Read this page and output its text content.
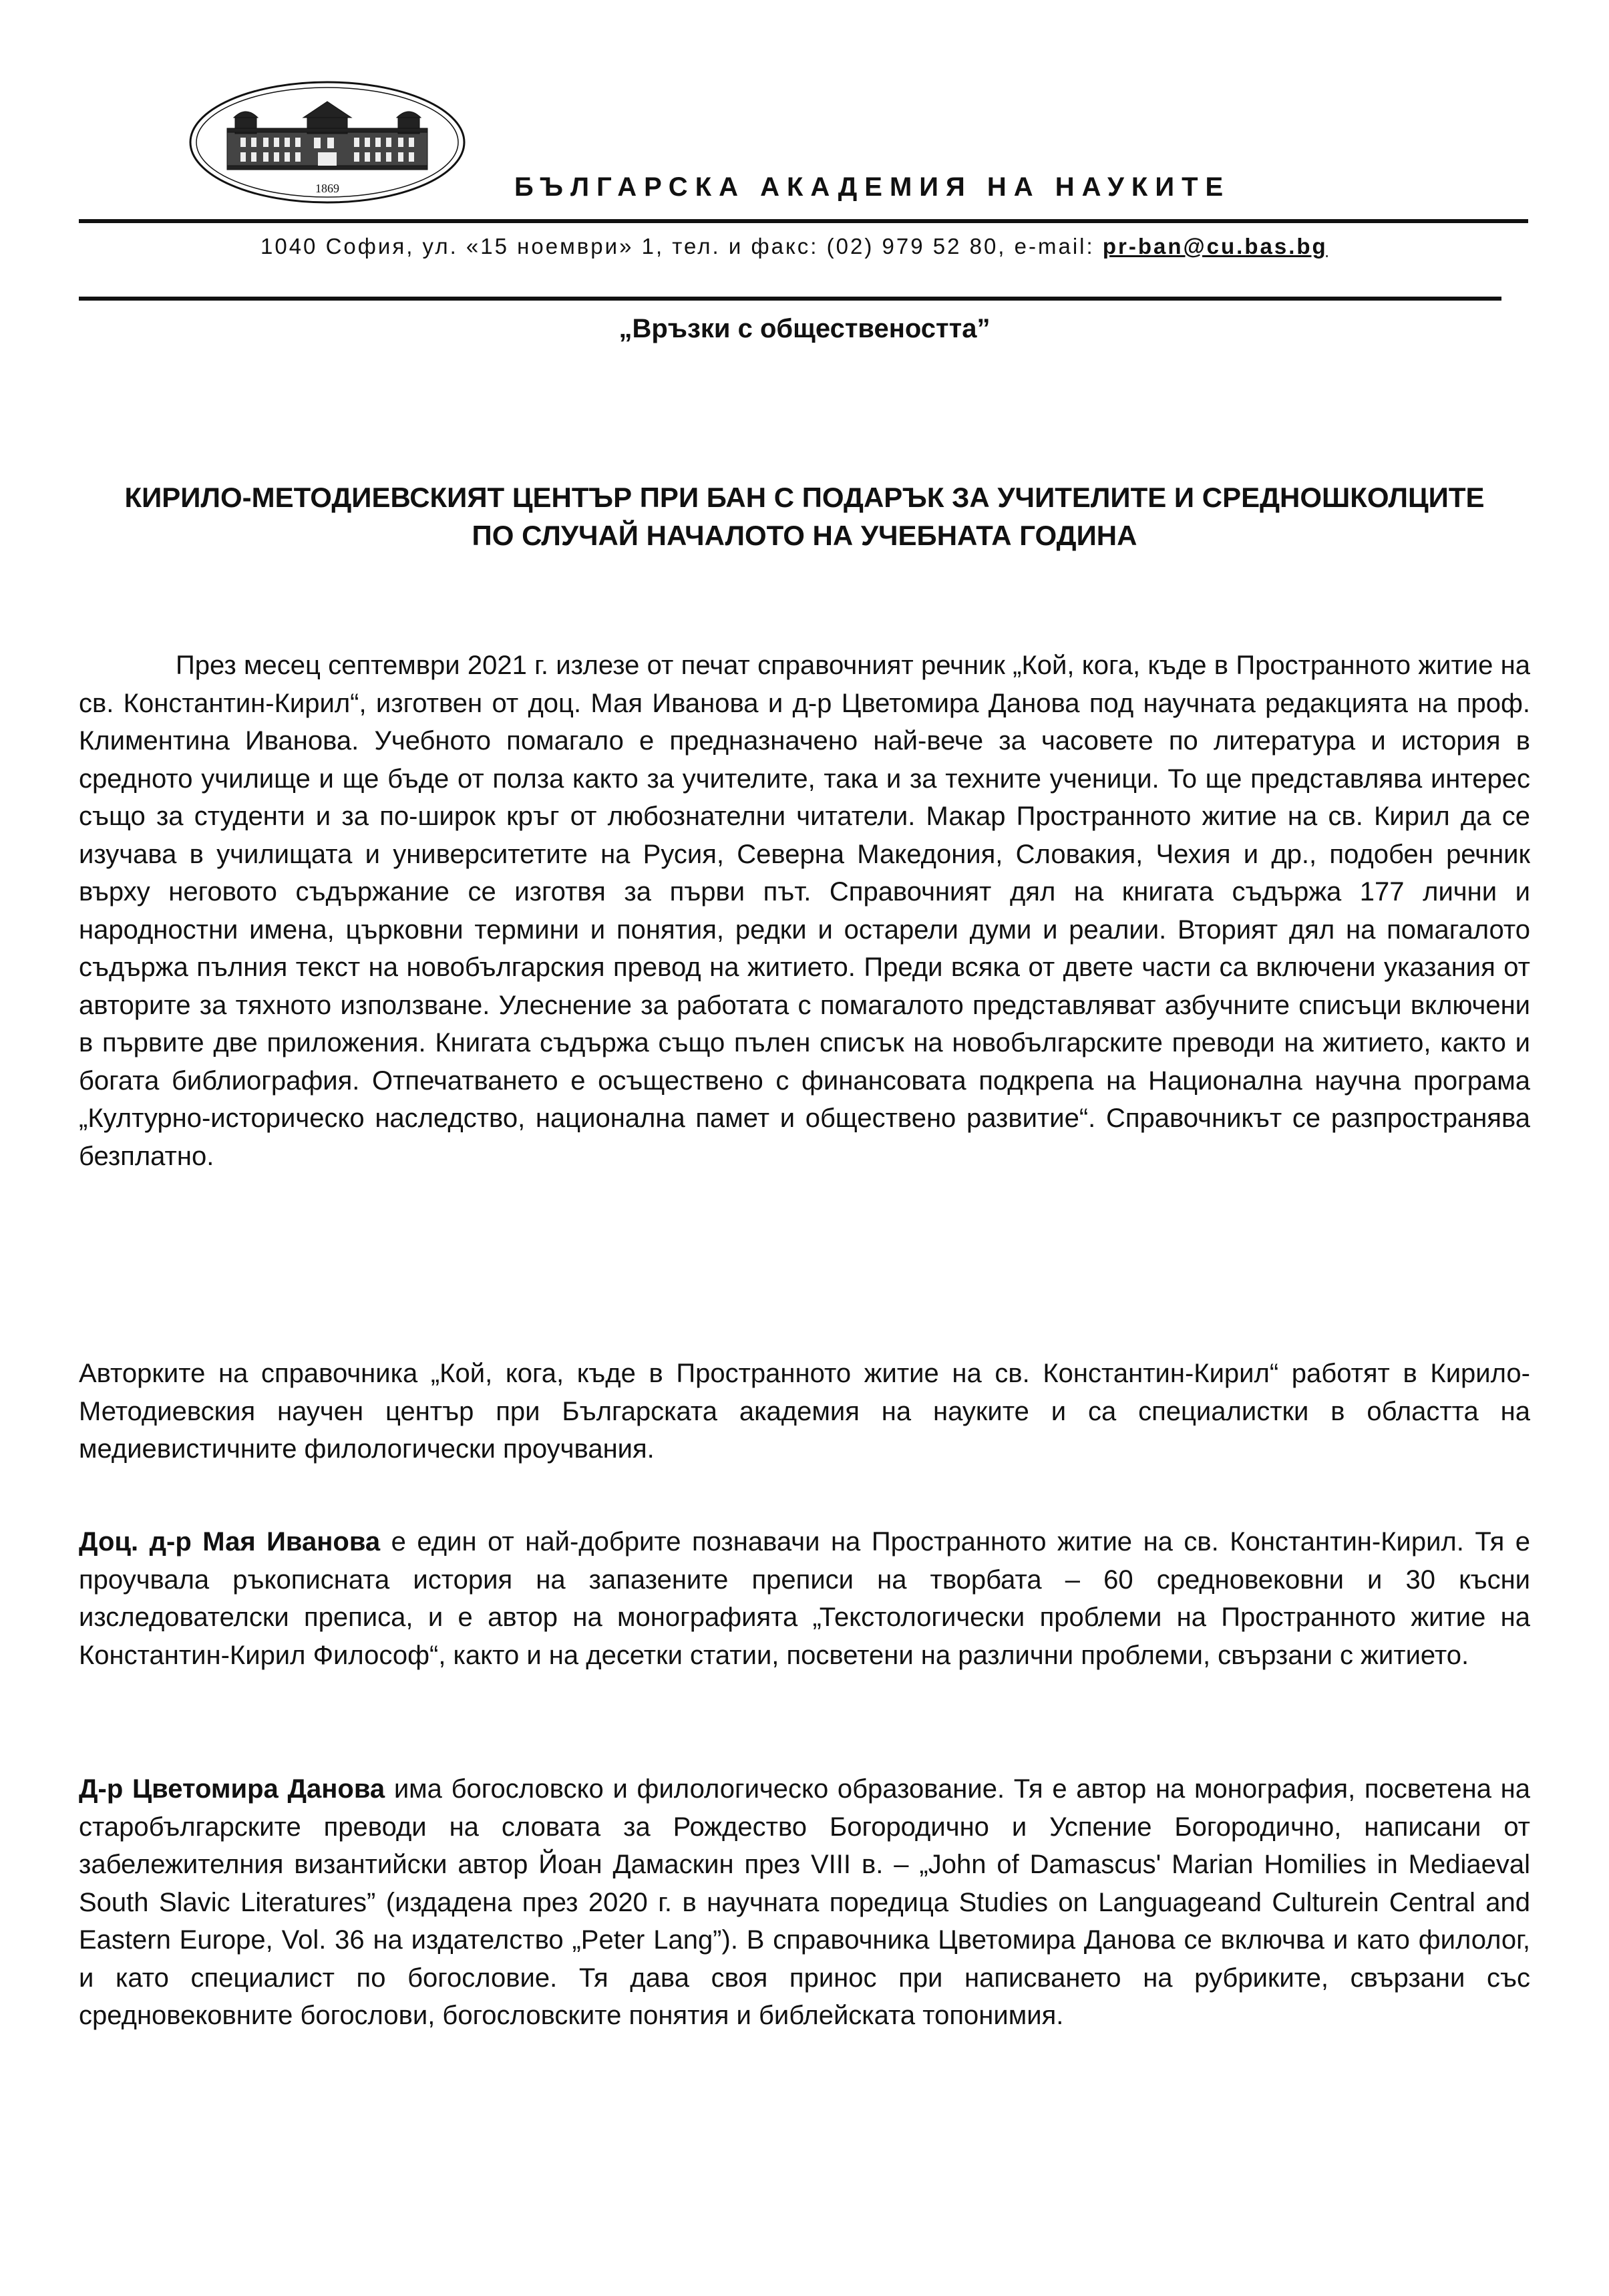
1869	БЪЛГАРСКА АКАДЕМИЯ НА НАУКИТЕ
1040 София, ул. «15 ноември» 1, тел. и факс: (02) 979 52 80, e-mail: pr-ban@cu.bas.bg
„Връзки с обществеността”
КИРИЛО-МЕТОДИЕВСКИЯТ ЦЕНТЪР ПРИ БАН С ПОДАРЪК ЗА УЧИТЕЛИТЕ И СРЕДНОШКОЛЦИТЕ
ПО СЛУЧАЙ НАЧАЛОТО НА УЧЕБНАТА ГОДИНА
През месец септември 2021 г. излезе от печат справочният речник „Кой, кога, къде в Пространното житие на св. Константин-Кирил“, изготвен от доц. Мая Иванова и д-р Цветомира Данова под научната редакцията на проф. Климентина Иванова. Учебното помагало е предназначено най-вече за часовете по литература и история в средното училище и ще бъде от полза както за учителите, така и за техните ученици. То ще представлява интерес също за студенти и за по-широк кръг от любознателни читатели. Макар Пространното житие на св. Кирил да се изучава в училищата и университетите на Русия, Северна Македония, Словакия, Чехия и др., подобен речник върху неговото съдържание се изготвя за първи път. Справочният дял на книгата съдържа 177 лични и народностни имена, църковни термини и понятия, редки и остарели думи и реалии. Вторият дял на помагалото съдържа пълния текст на новобългарския превод на житието. Преди всяка от двете части са включени указания от авторите за тяхното използване. Улеснение за работата с помагалото представляват азбучните списъци включени в първите две приложения. Книгата съдържа също пълен списък на новобългарските преводи на житието, както и богата библиография. Отпечатването е осъществено с финансовата подкрепа на Национална научна програма „Културно-историческо наследство, национална памет и обществено развитие“. Справочникът се разпространява безплатно.
Авторките на справочника „Кой, кога, къде в Пространното житие на св. Константин-Кирил“ работят в Кирило-Методиевския научен център при Българската академия на науките и са специалистки в областта на медиевистичните филологически проучвания.
Доц. д-р Мая Иванова е един от най-добрите познавачи на Пространното житие на св. Константин-Кирил. Тя е проучвала ръкописната история на запазените преписи на творбата – 60 средновековни и 30 късни изследователски преписа, и е автор на монографията „Текстологически проблеми на Пространното житие на Константин-Кирил Философ“, както и на десетки статии, посветени на различни проблеми, свързани с житието.
Д-р Цветомира Данова има богословско и филологическо образование. Тя е автор на монография, посветена на старобългарските преводи на словата за Рождество Богородично и Успение Богородично, написани от забележителния византийски автор Йоан Дамаскин през VIII в. – „John of Damascus' Marian Homilies in Mediaeval South Slavic Literatures” (издадена през 2020 г. в научната поредица Studies on Languageand Culturein Central and Eastern Europe, Vol. 36 на издателство „Peter Lang”). В справочника Цветомира Данова се включва и като филолог, и като специалист по богословие. Тя дава своя принос при написването на рубриките, свързани със средновековните богослови, богословските понятия и библейската топонимия.
